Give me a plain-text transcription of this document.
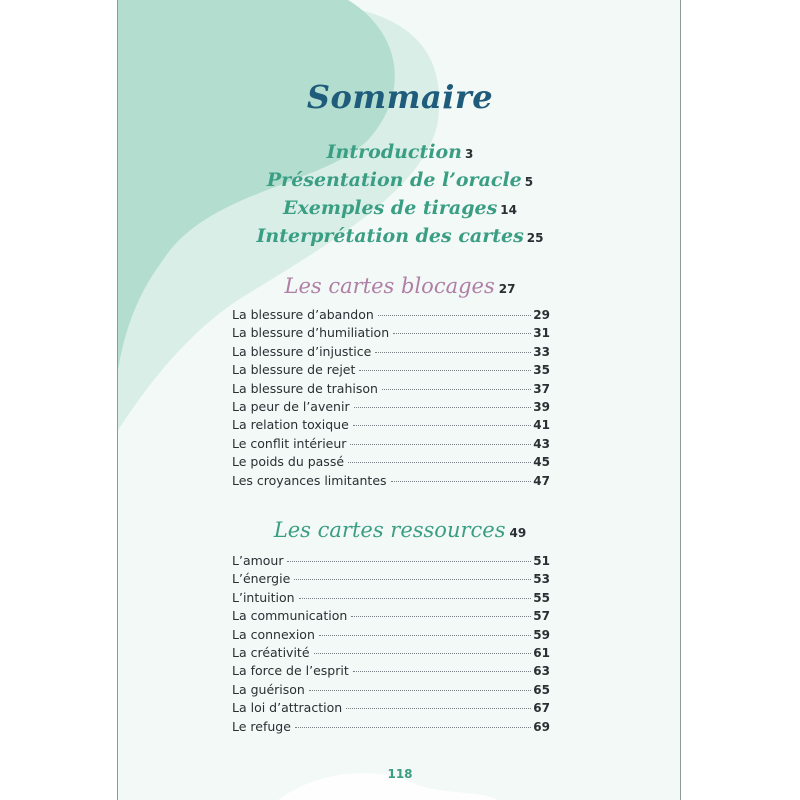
Sommaire
Introduction 3
Présentation de l’oracle 5
Exemples de tirages 14
Interprétation des cartes 25
Les cartes blocages 27
La blessure d’abandon	29
La blessure d’humiliation	31
La blessure d’injustice	33
La blessure de rejet	35
La blessure de trahison	37
La peur de l’avenir	39
La relation toxique	41
Le conflit intérieur	43
Le poids du passé	45
Les croyances limitantes	47
Les cartes ressources 49
L’amour	51
L’énergie	53
L’intuition	55
La communication	57
La connexion	59
La créativité	61
La force de l’esprit	63
La guérison	65
La loi d’attraction	67
Le refuge	69
118
